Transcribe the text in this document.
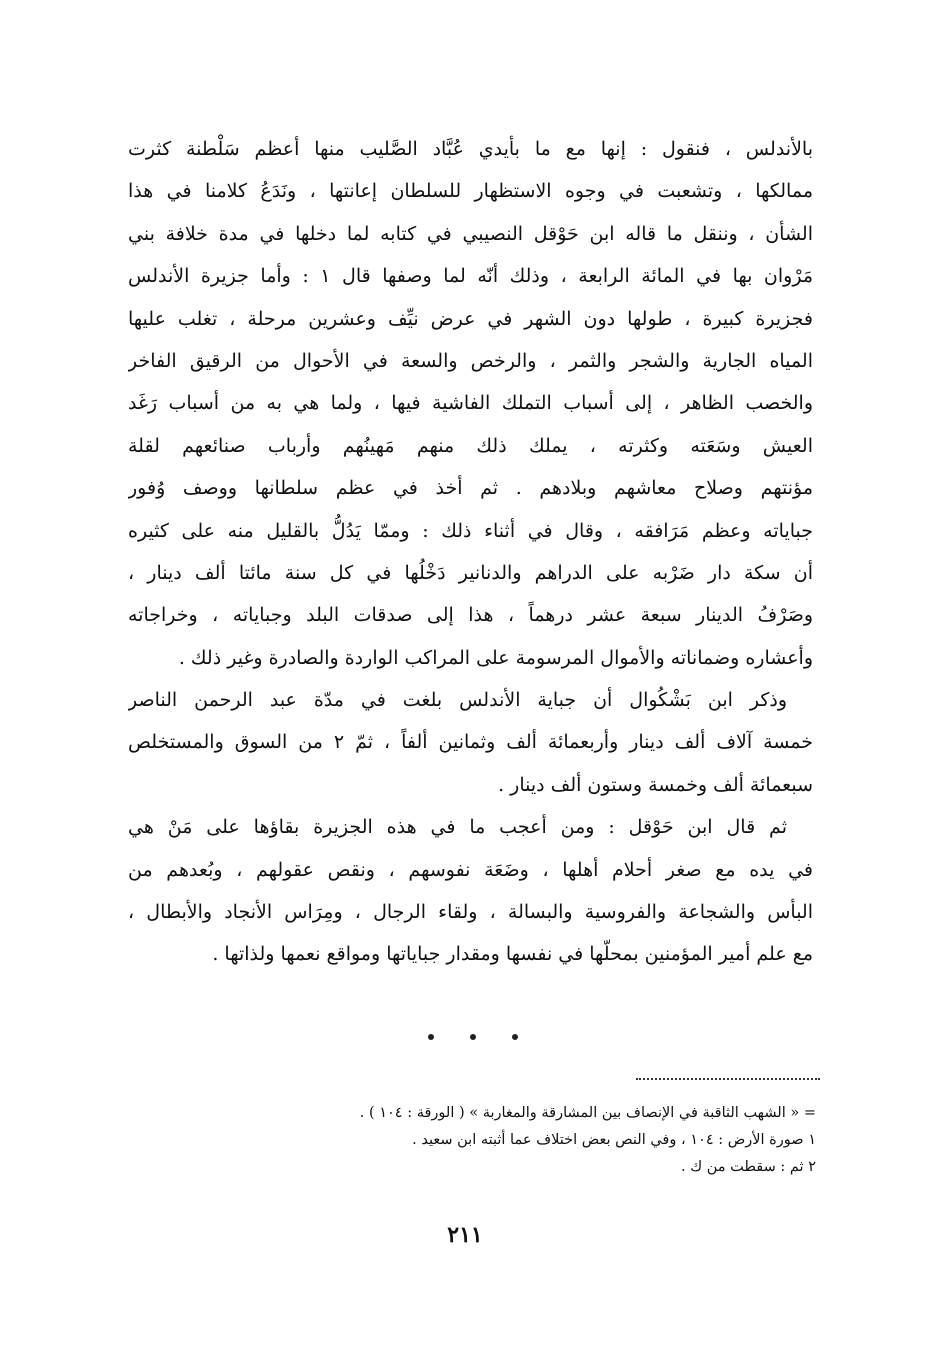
بالأندلس ، فنقول : إنها مع ما بأيدي عُبَّاد الصَّليب منها أعظم سَلْطنة كثرت
ممالكها ، وتشعبت في وجوه الاستظهار للسلطان إعانتها ، ونَدَعُ كلامنا في هذا
الشأن ، وننقل ما قاله ابن حَوْقل النصيبي في كتابه لما دخلها في مدة خلافة بني
مَرْوان بها في المائة الرابعة ، وذلك أنّه لما وصفها قال ١ : وأما جزيرة الأندلس
فجزيرة كبيرة ، طولها دون الشهر في عرض نيِّف وعشرين مرحلة ، تغلب عليها
المياه الجارية والشجر والثمر ، والرخص والسعة في الأحوال من الرقيق الفاخر
والخصب الظاهر ، إلى أسباب التملك الفاشية فيها ، ولما هي به من أسباب رَغَد
العيش وسَعَته وكثرته ، يملك ذلك منهم مَهينُهم وأرباب صنائعهم لقلة
مؤنتهم وصلاح معاشهم وبلادهم . ثم أخذ في عظم سلطانها ووصف وُفور
جباياته وعظم مَرَافقه ، وقال في أثناء ذلك : وممّا يَدُلُّ بالقليل منه على كثيره
أن سكة دار ضَرْبه على الدراهم والدنانير دَخْلُها في كل سنة مائتا ألف دينار ،
وصَرْفُ الدينار سبعة عشر درهماً ، هذا إلى صدقات البلد وجباياته ، وخراجاته
وأعشاره وضماناته والأموال المرسومة على المراكب الواردة والصادرة وغير ذلك .
وذكر ابن بَشْكُوال أن جباية الأندلس بلغت في مدّة عبد الرحمن الناصر
خمسة آلاف ألف دينار وأربعمائة ألف وثمانين ألفاً ، ثمّ ٢ من السوق والمستخلص
سبعمائة ألف وخمسة وستون ألف دينار .
ثم قال ابن حَوْقل : ومن أعجب ما في هذه الجزيرة بقاؤها على مَنْ هي
في يده مع صغر أحلام أهلها ، وضَعَة نفوسهم ، ونقص عقولهم ، وبُعدهم من
البأس والشجاعة والفروسية والبسالة ، ولقاء الرجال ، ومِرَاس الأنجاد والأبطال ،
مع علم أمير المؤمنين بمحلّها في نفسها ومقدار جباياتها ومواقع نعمها ولذاتها .
= « الشهب الثاقبة في الإنصاف بين المشارقة والمغاربة » ( الورقة : ١٠٤ ) .
١ صورة الأرض : ١٠٤ ، وفي النص بعض اختلاف عما أثبته ابن سعيد .
٢ ثم : سقطت من ك .
٢١١
